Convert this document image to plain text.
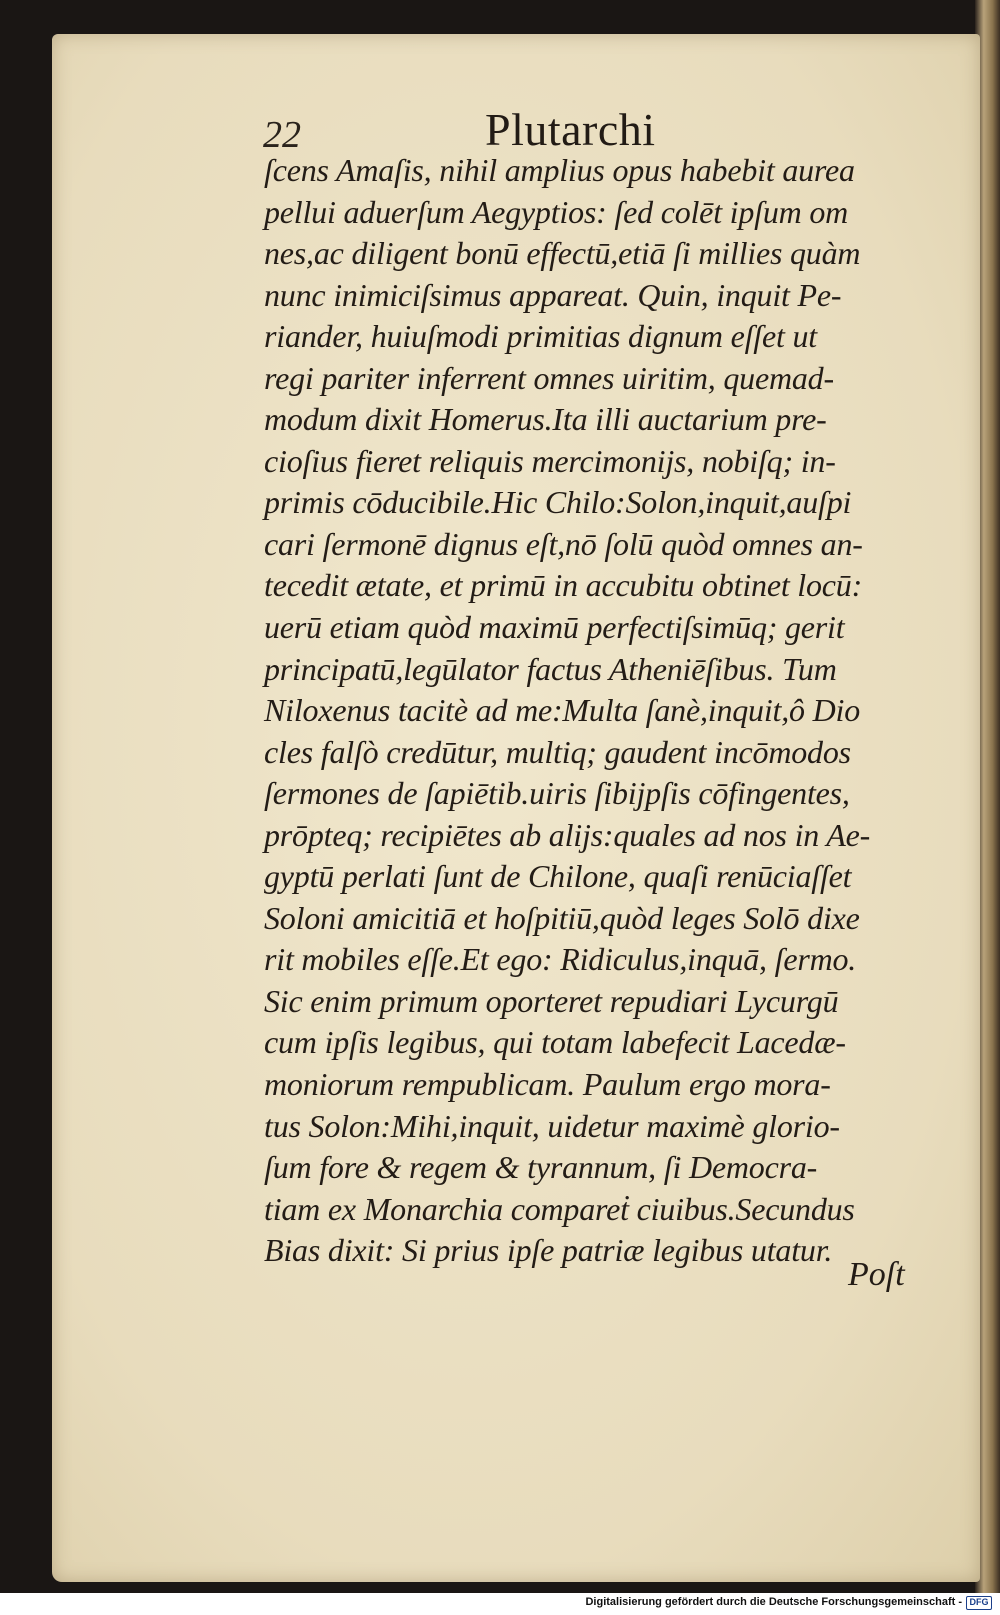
22	Plutarchi
ſcens Amaſis, nihil amplius opus habebit aurea
pellui aduerſum Aegyptios: ſed colēt ipſum om
nes,ac diligent bonū effectū,etiā ſi millies quàm
nunc inimiciſsimus appareat. Quin, inquit Pe-
riander, huiuſmodi primitias dignum eſſet ut
regi pariter inferrent omnes uiritim, quemad-
modum dixit Homerus.Ita illi auctarium pre-
cioſius fieret reliquis mercimonijs, nobiſq; in-
primis cōducibile.Hic Chilo:Solon,inquit,auſpi
cari ſermonē dignus eſt,nō ſolū quòd omnes an-
tecedit ætate, et primū in accubitu obtinet locū:
uerū etiam quòd maximū perfectiſsimūq; gerit
principatū,legūlator factus Atheniēſibus. Tum
Niloxenus tacitè ad me:Multa ſanè,inquit,ô Dio
cles falſò credūtur, multiq; gaudent incōmodos
ſermones de ſapiētib.uiris ſibijpſis cōfingentes,
prōpteq; recipiētes ab alijs:quales ad nos in Ae-
gyptū perlati ſunt de Chilone, quaſi renūciaſſet
Soloni amicitiā et hoſpitiū,quòd leges Solō dixe
rit mobiles eſſe.Et ego: Ridiculus,inquā, ſermo.
Sic enim primum oporteret repudiari Lycurgū
cum ipſis legibus, qui totam labefecit Lacedæ-
moniorum rempublicam. Paulum ergo mora-
tus Solon:Mihi,inquit, uidetur maximè glorio-
ſum fore & regem & tyrannum, ſi Democra-
tiam ex Monarchia compareṫ ciuibus.Secundus
Bias dixit: Si prius ipſe patriæ legibus utatur.
Poſt
Digitalisierung gefördert durch die Deutsche Forschungsgemeinschaft - DFG
